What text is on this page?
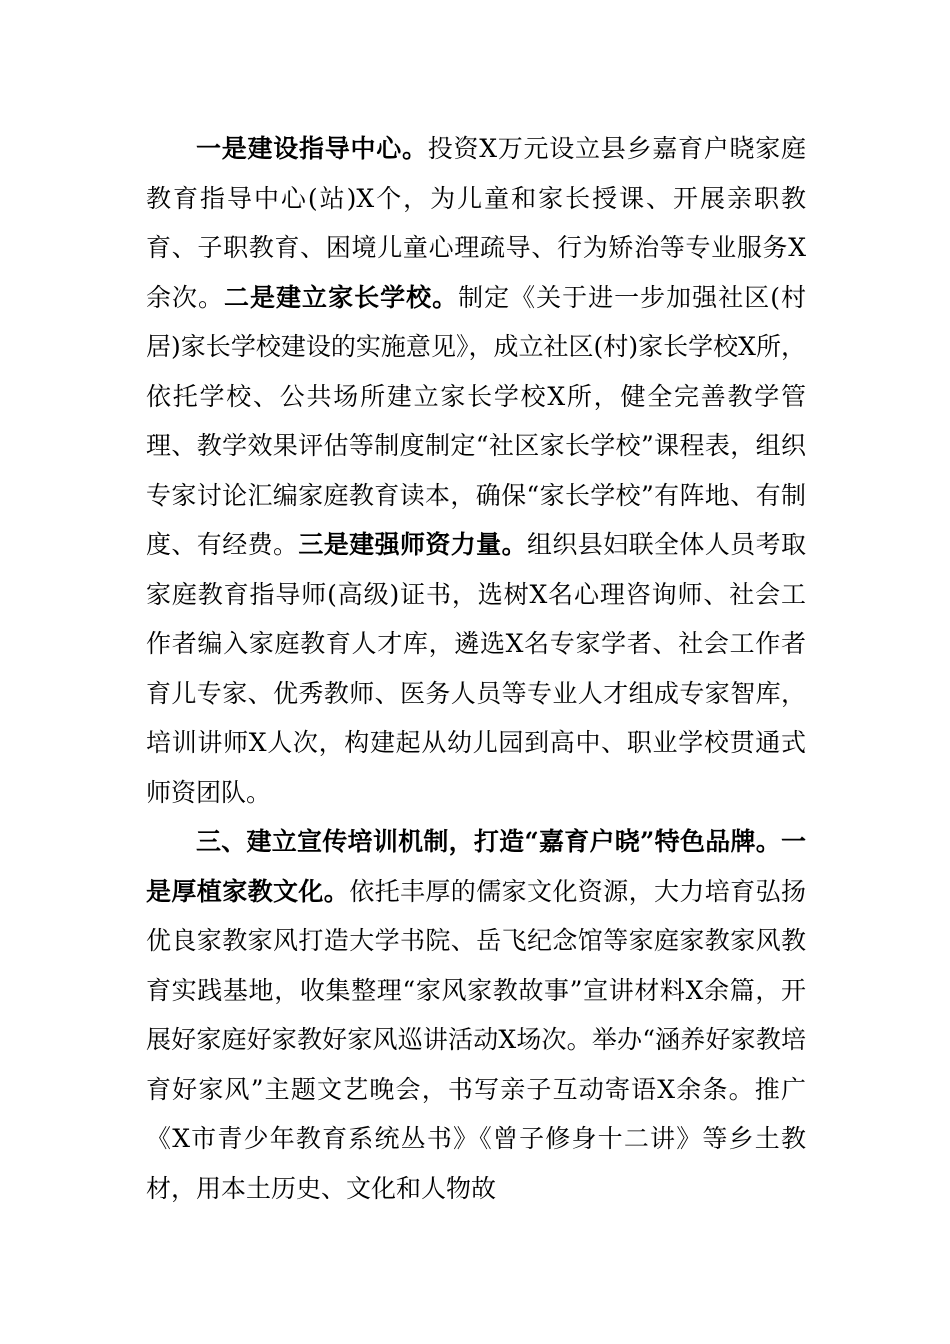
一是建设指导中心。投资X万元设立县乡嘉育户晓家庭教育指导中心(站)X个，为儿童和家长授课、开展亲职教育、子职教育、困境儿童心理疏导、行为矫治等专业服务X余次。二是建立家长学校。制定《关于进一步加强社区(村居)家长学校建设的实施意见》，成立社区(村)家长学校X所，依托学校、公共场所建立家长学校X所，健全完善教学管理、教学效果评估等制度制定“社区家长学校”课程表，组织专家讨论汇编家庭教育读本，确保“家长学校”有阵地、有制度、有经费。三是建强师资力量。组织县妇联全体人员考取家庭教育指导师(高级)证书，选树X名心理咨询师、社会工作者编入家庭教育人才库，遴选X名专家学者、社会工作者育儿专家、优秀教师、医务人员等专业人才组成专家智库，培训讲师X人次，构建起从幼儿园到高中、职业学校贯通式师资团队。

三、建立宣传培训机制，打造“嘉育户晓”特色品牌。一是厚植家教文化。依托丰厚的儒家文化资源，大力培育弘扬优良家教家风打造大学书院、岳飞纪念馆等家庭家教家风教育实践基地，收集整理“家风家教故事”宣讲材料X余篇，开展好家庭好家教好家风巡讲活动X场次。举办“涵养好家教培育好家风”主题文艺晚会，书写亲子互动寄语X余条。推广《X市青少年教育系统丛书》《曾子修身十二讲》等乡土教材，用本土历史、文化和人物故
